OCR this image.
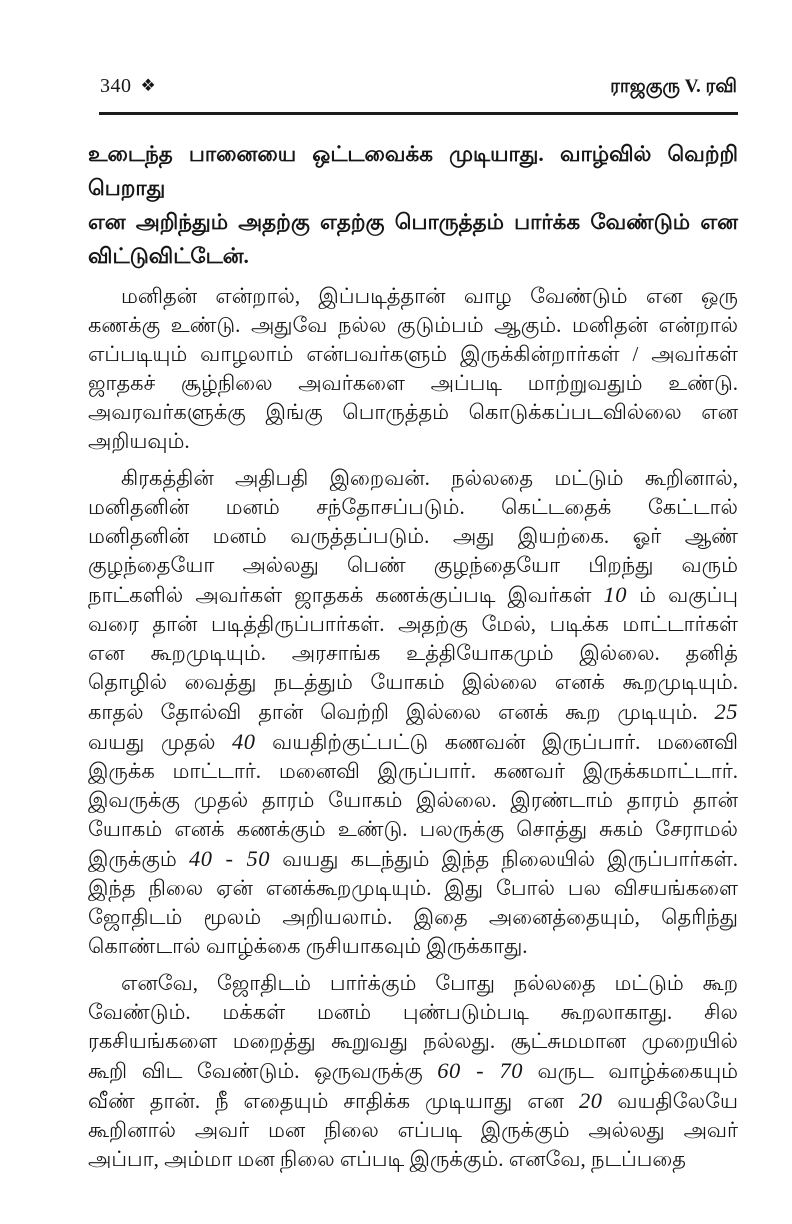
340 ❖	ராஜகுரு V. ரவி
உடைந்த பானையை ஒட்டவைக்க முடியாது. வாழ்வில் வெற்றி பெறாது
என அறிந்தும் அதற்கு எதற்கு பொருத்தம் பார்க்க வேண்டும் என
விட்டுவிட்டேன்.
மனிதன் என்றால், இப்படித்தான் வாழ வேண்டும் என ஒரு
கணக்கு உண்டு. அதுவே நல்ல குடும்பம் ஆகும். மனிதன் என்றால்
எப்படியும் வாழலாம் என்பவர்களும் இருக்கின்றார்கள் / அவர்கள்
ஜாதகச் சூழ்நிலை அவர்களை அப்படி மாற்றுவதும் உண்டு.
அவரவர்களுக்கு இங்கு பொருத்தம் கொடுக்கப்படவில்லை என
அறியவும்.
கிரகத்தின் அதிபதி இறைவன். நல்லதை மட்டும் கூறினால்,
மனிதனின் மனம் சந்தோசப்படும். கெட்டதைக் கேட்டால்
மனிதனின் மனம் வருத்தப்படும். அது இயற்கை. ஓர் ஆண்
குழந்தையோ அல்லது பெண் குழந்தையோ பிறந்து வரும்
நாட்களில் அவர்கள் ஜாதகக் கணக்குப்படி இவர்கள் 10 ம் வகுப்பு
வரை தான் படித்திருப்பார்கள். அதற்கு மேல், படிக்க மாட்டார்கள்
என கூறமுடியும். அரசாங்க உத்தியோகமும் இல்லை. தனித்
தொழில் வைத்து நடத்தும் யோகம் இல்லை எனக் கூறமுடியும்.
காதல் தோல்வி தான் வெற்றி இல்லை எனக் கூற முடியும். 25
வயது முதல் 40 வயதிற்குட்பட்டு கணவன் இருப்பார். மனைவி
இருக்க மாட்டார். மனைவி இருப்பார். கணவர் இருக்கமாட்டார்.
இவருக்கு முதல் தாரம் யோகம் இல்லை. இரண்டாம் தாரம் தான்
யோகம் எனக் கணக்கும் உண்டு. பலருக்கு சொத்து சுகம் சேராமல்
இருக்கும் 40 - 50 வயது கடந்தும் இந்த நிலையில் இருப்பார்கள்.
இந்த நிலை ஏன் எனக்கூறமுடியும். இது போல் பல விசயங்களை
ஜோதிடம் மூலம் அறியலாம். இதை அனைத்தையும், தெரிந்து
கொண்டால் வாழ்க்கை ருசியாகவும் இருக்காது.
எனவே, ஜோதிடம் பார்க்கும் போது நல்லதை மட்டும் கூற
வேண்டும். மக்கள் மனம் புண்படும்படி கூறலாகாது. சில
ரகசியங்களை மறைத்து கூறுவது நல்லது. சூட்சுமமான முறையில்
கூறி விட வேண்டும். ஒருவருக்கு 60 - 70 வருட வாழ்க்கையும்
வீண் தான். நீ எதையும் சாதிக்க முடியாது என 20 வயதிலேயே
கூறினால் அவர் மன நிலை எப்படி இருக்கும் அல்லது அவர்
அப்பா, அம்மா மன நிலை எப்படி இருக்கும். எனவே, நடப்பதை
